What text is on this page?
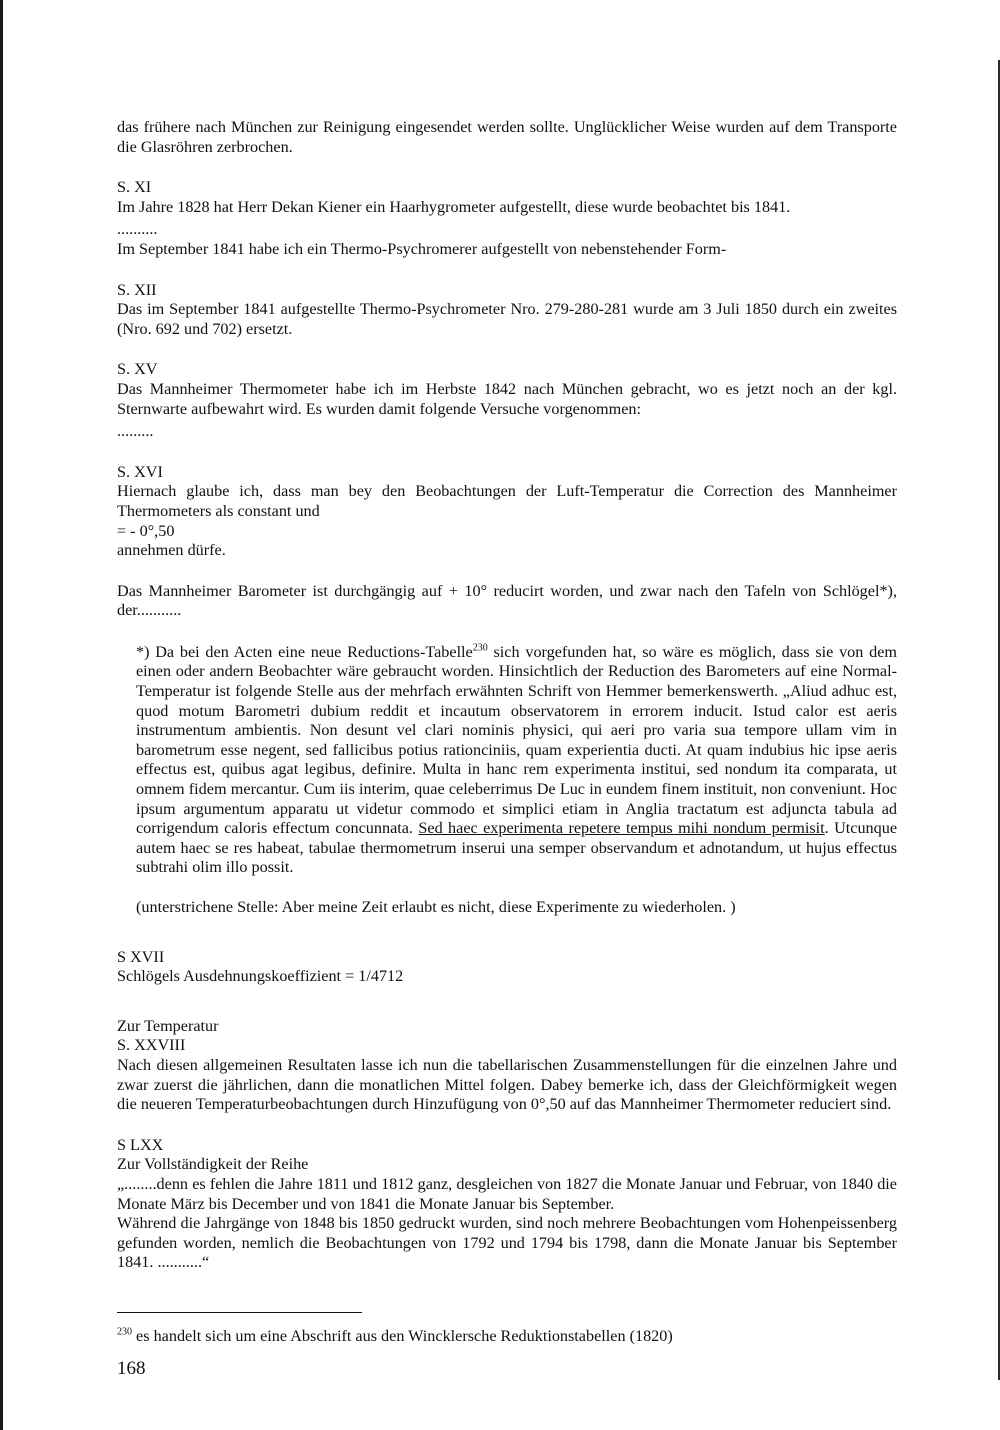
das frühere nach München zur Reinigung eingesendet werden sollte. Unglücklicher Weise wurden auf dem Transporte die Glasröhren zerbrochen.

S. XI

Im Jahre 1828 hat Herr Dekan Kiener ein Haarhygrometer aufgestellt, diese wurde beobachtet bis 1841.

..........

Im September 1841 habe ich ein Thermo-Psychromerer aufgestellt von nebenstehender Form-

S. XII

Das im September 1841 aufgestellte Thermo-Psychrometer Nro. 279-280-281 wurde am 3 Juli 1850 durch ein zweites (Nro. 692 und 702) ersetzt.

S. XV

Das Mannheimer Thermometer habe ich im Herbste 1842 nach München gebracht, wo es jetzt noch an der kgl. Sternwarte aufbewahrt wird. Es wurden damit folgende Versuche vorgenommen:

.........

S. XVI

Hiernach glaube ich, dass man bey den Beobachtungen der Luft-Temperatur die Correction des Mannheimer Thermometers als constant und

= - 0°,50

annehmen dürfe.

Das Mannheimer Barometer ist durchgängig auf + 10° reducirt worden, und zwar nach den Tafeln von Schlögel*), der...........

*) Da bei den Acten eine neue Reductions-Tabelle$^{230}$ sich vorgefunden hat, so wäre es möglich, dass sie von dem einen oder andern Beobachter wäre gebraucht worden. Hinsichtlich der Reduction des Barometers auf eine Normal-Temperatur ist folgende Stelle aus der mehrfach erwähnten Schrift von Hemmer bemerkenswerth. „Aliud adhuc est, quod motum Barometri dubium reddit et incautum observatorem in errorem inducit. Istud calor est aeris instrumentum ambientis. Non desunt vel clari nominis physici, qui aeri pro varia sua tempore ullam vim in barometrum esse negent, sed fallicibus potius rationciniis, quam experientia ducti. At quam indubius hic ipse aeris effectus est, quibus agat legibus, definire. Multa in hanc rem experimenta institui, sed nondum ita comparata, ut omnem fidem mercantur. Cum iis interim, quae celeberrimus De Luc in eundem finem instituit, non conveniunt. Hoc ipsum argumentum apparatu ut videtur commodo et simplici etiam in Anglia tractatum est adjuncta tabula ad corrigendum caloris effectum concunnata. Sed haec experimenta repetere tempus mihi nondum permisit. Utcunque autem haec se res habeat, tabulae thermometrum inserui una semper observandum et adnotandum, ut hujus effectus subtrahi olim illo possit.

(unterstrichene Stelle: Aber meine Zeit erlaubt es nicht, diese Experimente zu wiederholen. )

S XVII

Schlögels Ausdehnungskoeffizient = 1/4712

Zur Temperatur

S. XXVIII

Nach diesen allgemeinen Resultaten lasse ich nun die tabellarischen Zusammenstellungen für die einzelnen Jahre und zwar zuerst die jährlichen, dann die monatlichen Mittel folgen. Dabey bemerke ich, dass der Gleichförmigkeit wegen die neueren Temperaturbeobachtungen durch Hinzufügung von 0°,50 auf das Mannheimer Thermometer reduciert sind.

S LXX

Zur Vollständigkeit der Reihe

„........denn es fehlen die Jahre 1811 und 1812 ganz, desgleichen von 1827 die Monate Januar und Februar, von 1840 die Monate März bis December und von 1841 die Monate Januar bis September.

Während die Jahrgänge von 1848 bis 1850 gedruckt wurden, sind noch mehrere Beobachtungen vom Hohenpeissenberg gefunden worden, nemlich die Beobachtungen von 1792 und 1794 bis 1798, dann die Monate Januar bis September 1841. ...........“

$^{230}$ es handelt sich um eine Abschrift aus den Wincklersche Reduktionstabellen (1820)

168
